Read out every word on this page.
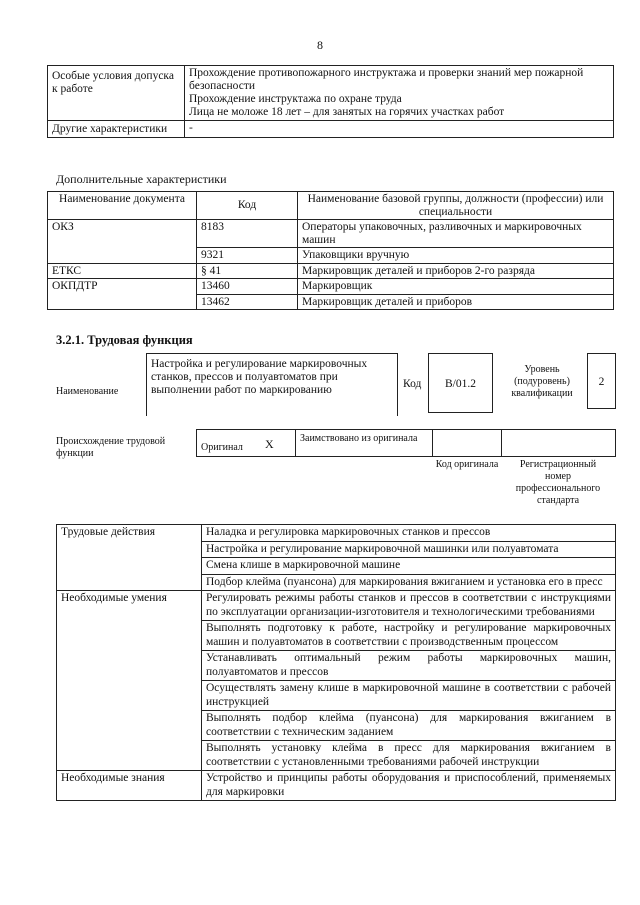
8
Особые условия допуска к работе	Прохождение противопожарного инструктажа и проверки знаний мер пожарной безопасности
Прохождение инструктажа по охране труда
Лица не моложе 18 лет – для занятых на горячих участках работ

Другие характеристики	-
Дополнительные характеристики
Наименование документа	Код	Наименование базовой группы, должности (профессии) или специальности
ОКЗ	8183	Операторы упаковочных, разливочных и маркировочных машин
	9321	Упаковщики вручную
ЕТКС	§ 41	Маркировщик деталей и приборов 2-го разряда
ОКПДТР	13460	Маркировщик
	13462	Маркировщик деталей и приборов
3.2.1. Трудовая функция
Наименование
Настройка и регулирование маркировочных станков, прессов и полуавтоматов при выполнении работ по маркированию	Код	В/01.2
Уровень (подуровень) квалификации
2
Происхождение трудовой функции
Оригинал X	Заимствовано из оригинала
Код оригинала	Регистрационный номер профессионального стандарта
Трудовые действия	Наладка и регулировка маркировочных станков и прессов
	Настройка и регулирование маркировочной машинки или полуавтомата
	Смена клише в маркировочной машине
	Подбор клейма (пуансона) для маркирования вжиганием и установка его в пресс
Необходимые умения	Регулировать режимы работы станков и прессов в соответствии с инструкциями по эксплуатации организации-изготовителя и технологическими требованиями
	Выполнять подготовку к работе, настройку и регулирование маркировочных машин и полуавтоматов в соответствии с производственным процессом
	Устанавливать оптимальный режим работы маркировочных машин, полуавтоматов и прессов
	Осуществлять замену клише в маркировочной машине в соответствии с рабочей инструкцией
	Выполнять подбор клейма (пуансона) для маркирования вжиганием в соответствии с техническим заданием
	Выполнять установку клейма в пресс для маркирования вжиганием в соответствии с установленными требованиями рабочей инструкции
Необходимые знания	Устройство и принципы работы оборудования и приспособлений, применяемых для маркировки
